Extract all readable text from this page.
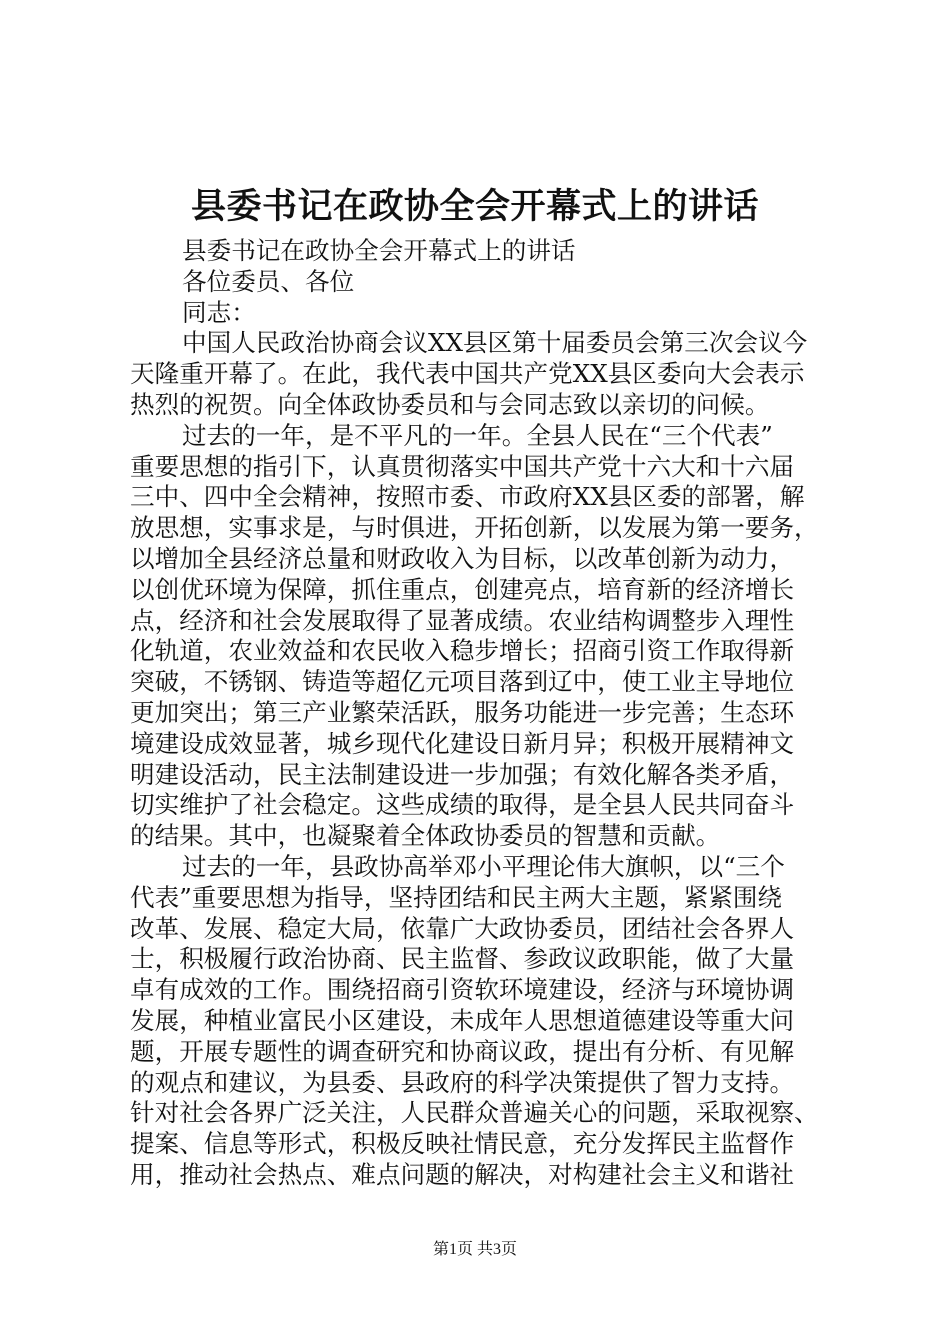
县委书记在政协全会开幕式上的讲话
县委书记在政协全会开幕式上的讲话
各位委员、各位
同志：
中国人民政治协商会议XX县区第十届委员会第三次会议今
天隆重开幕了。在此，我代表中国共产党XX县区委向大会表示
热烈的祝贺。向全体政协委员和与会同志致以亲切的问候。
过去的一年，是不平凡的一年。全县人民在“三个代表”
重要思想的指引下，认真贯彻落实中国共产党十六大和十六届
三中、四中全会精神，按照市委、市政府XX县区委的部署，解
放思想，实事求是，与时俱进，开拓创新，以发展为第一要务，
以增加全县经济总量和财政收入为目标，以改革创新为动力，
以创优环境为保障，抓住重点，创建亮点，培育新的经济增长
点，经济和社会发展取得了显著成绩。农业结构调整步入理性
化轨道，农业效益和农民收入稳步增长；招商引资工作取得新
突破，不锈钢、铸造等超亿元项目落到辽中，使工业主导地位
更加突出；第三产业繁荣活跃，服务功能进一步完善；生态环
境建设成效显著，城乡现代化建设日新月异；积极开展精神文
明建设活动，民主法制建设进一步加强；有效化解各类矛盾，
切实维护了社会稳定。这些成绩的取得，是全县人民共同奋斗
的结果。其中，也凝聚着全体政协委员的智慧和贡献。
过去的一年，县政协高举邓小平理论伟大旗帜，以“三个
代表”重要思想为指导，坚持团结和民主两大主题，紧紧围绕
改革、发展、稳定大局，依靠广大政协委员，团结社会各界人
士，积极履行政治协商、民主监督、参政议政职能，做了大量
卓有成效的工作。围绕招商引资软环境建设，经济与环境协调
发展，种植业富民小区建设，未成年人思想道德建设等重大问
题，开展专题性的调查研究和协商议政，提出有分析、有见解
的观点和建议，为县委、县政府的科学决策提供了智力支持。
针对社会各界广泛关注，人民群众普遍关心的问题，采取视察、
提案、信息等形式，积极反映社情民意，充分发挥民主监督作
用，推动社会热点、难点问题的解决，对构建社会主义和谐社
第1页 共3页
